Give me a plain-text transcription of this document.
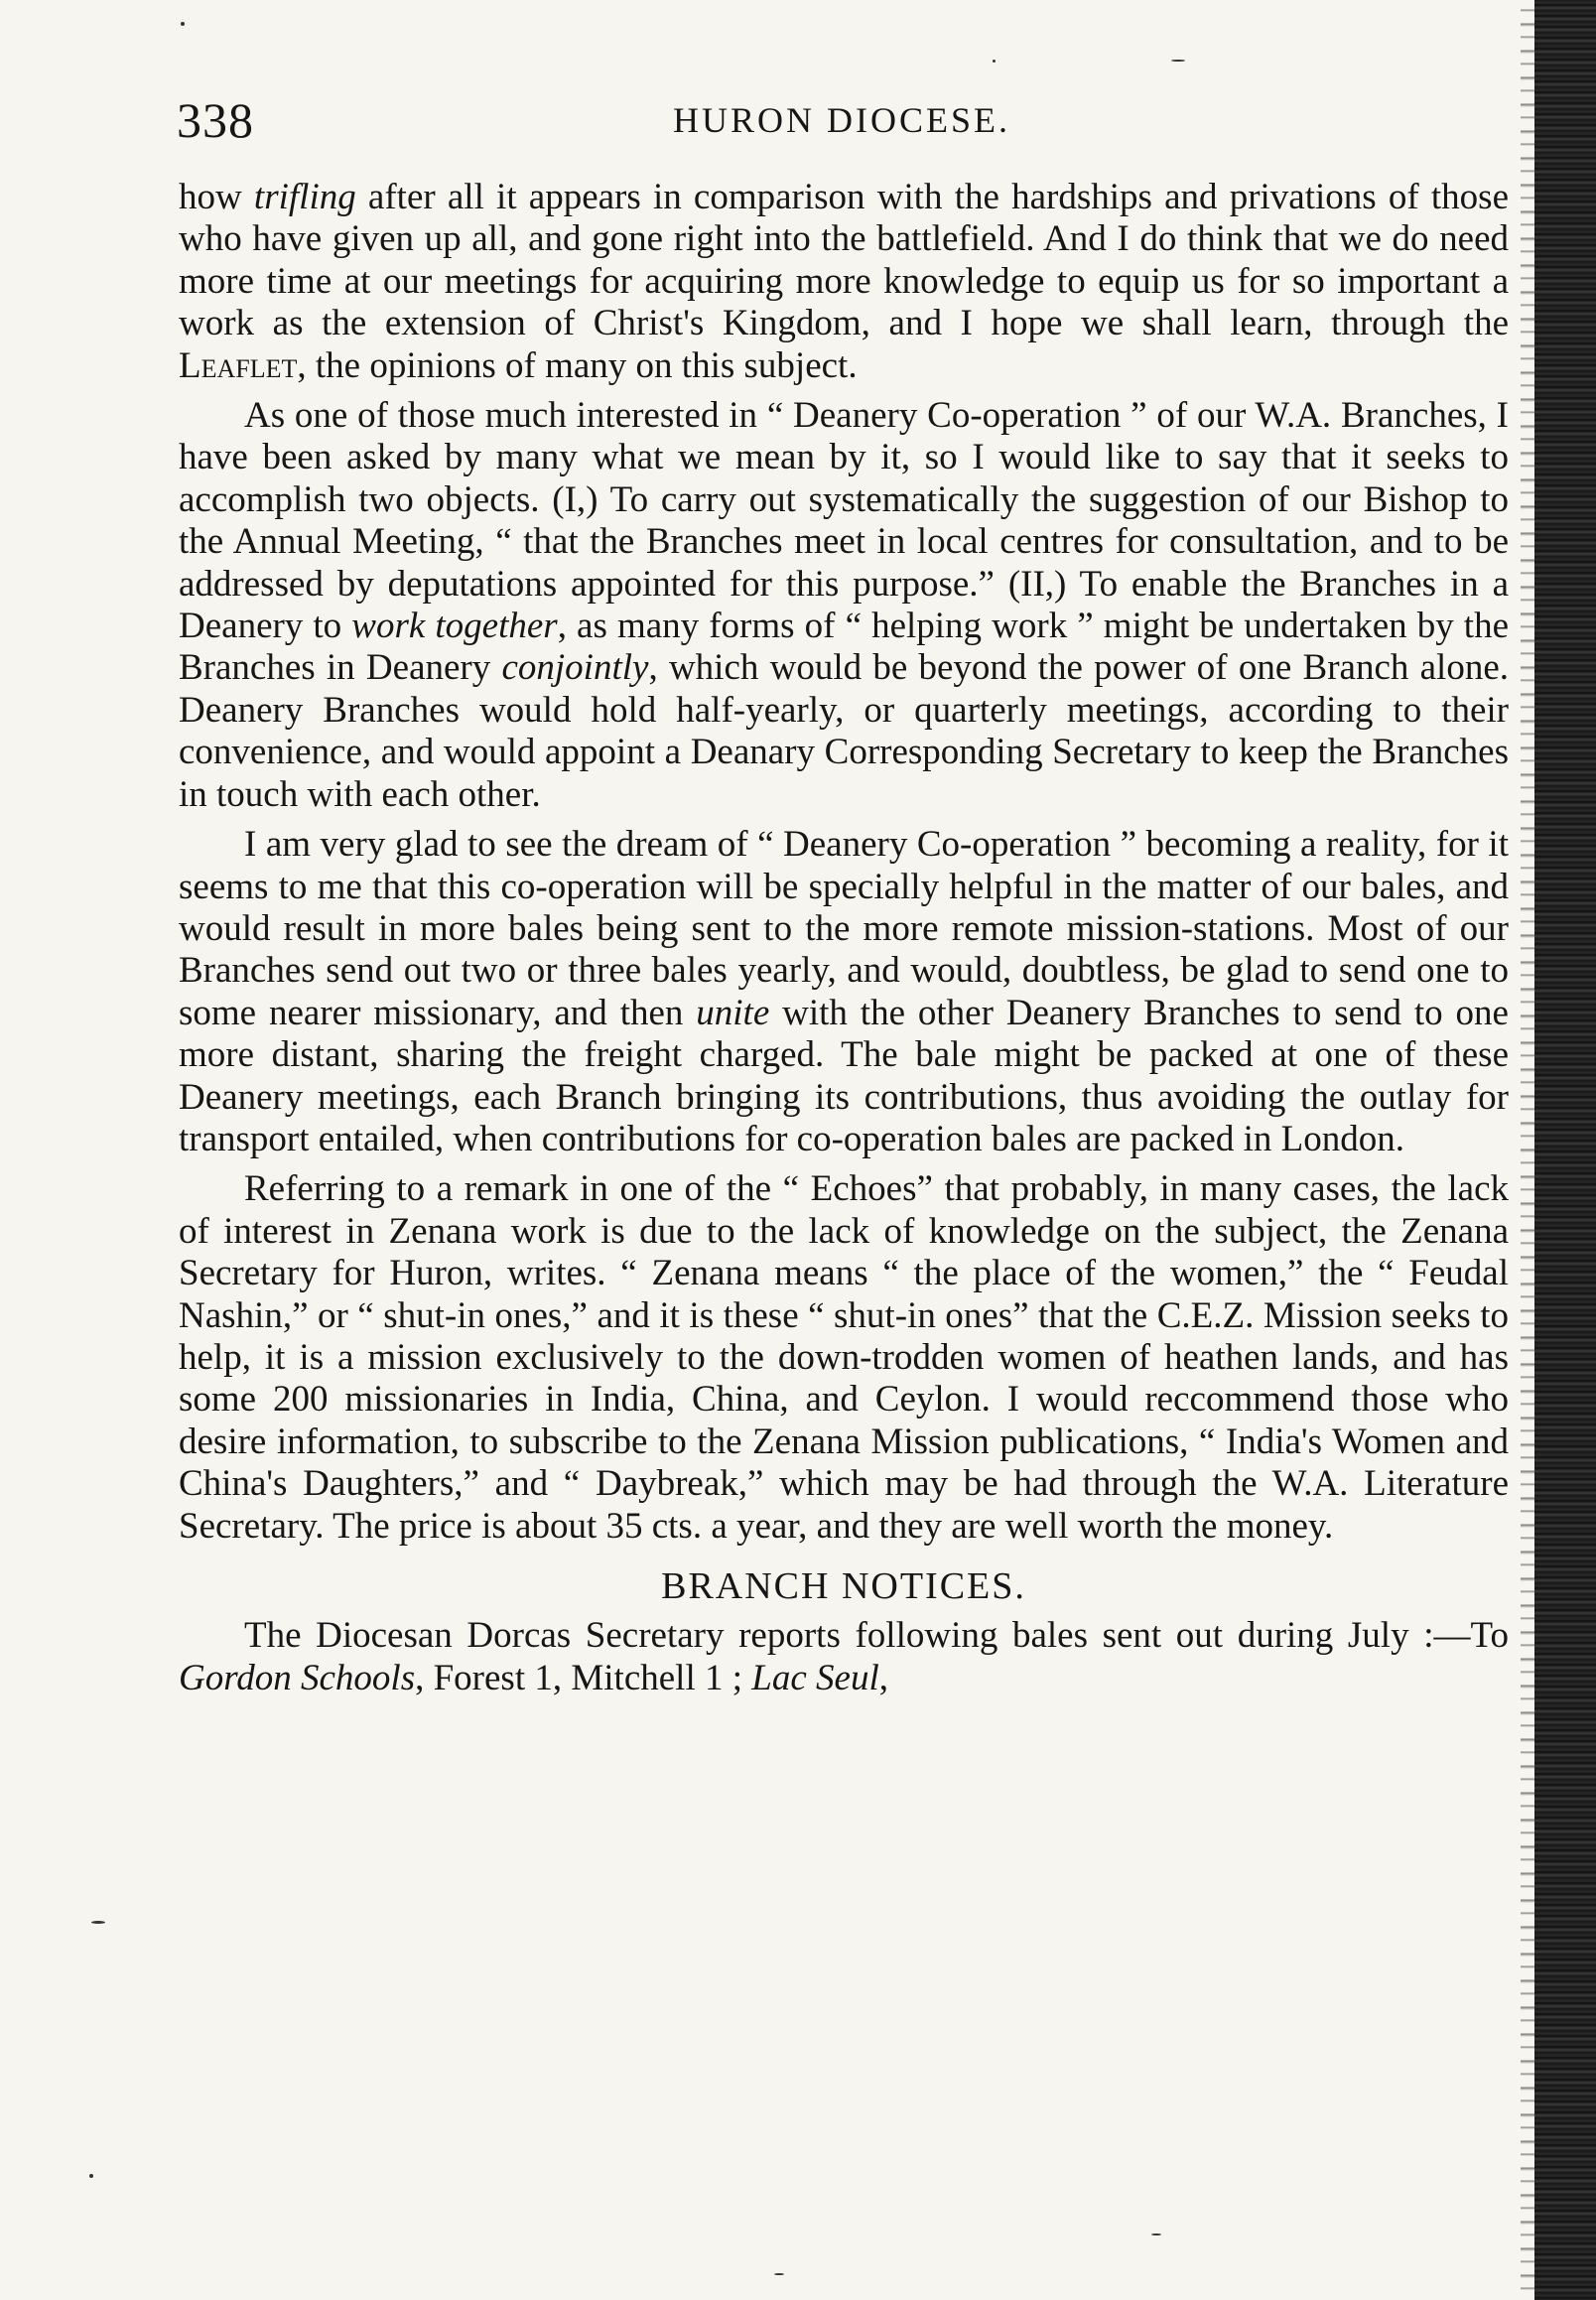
338	HURON DIOCESE.

how trifling after all it appears in comparison with the hardships and privations of those who have given up all, and gone right into the battlefield. And I do think that we do need more time at our meetings for acquiring more knowledge to equip us for so important a work as the extension of Christ's Kingdom, and I hope we shall learn, through the Leaflet, the opinions of many on this subject.

As one of those much interested in “ Deanery Co-operation ” of our W.A. Branches, I have been asked by many what we mean by it, so I would like to say that it seeks to accomplish two objects. (I,) To carry out systematically the suggestion of our Bishop to the Annual Meeting, “ that the Branches meet in local centres for consultation, and to be addressed by deputations appointed for this purpose.” (II,) To enable the Branches in a Deanery to work together, as many forms of “ helping work ” might be undertaken by the Branches in Deanery conjointly, which would be beyond the power of one Branch alone. Deanery Branches would hold half-yearly, or quarterly meetings, according to their convenience, and would appoint a Deanary Corresponding Secretary to keep the Branches in touch with each other.

I am very glad to see the dream of “ Deanery Co-operation ” becoming a reality, for it seems to me that this co-operation will be specially helpful in the matter of our bales, and would result in more bales being sent to the more remote mission-stations. Most of our Branches send out two or three bales yearly, and would, doubtless, be glad to send one to some nearer missionary, and then unite with the other Deanery Branches to send to one more distant, sharing the freight charged. The bale might be packed at one of these Deanery meetings, each Branch bringing its contributions, thus avoiding the outlay for transport entailed, when contributions for co-operation bales are packed in London.

Referring to a remark in one of the “ Echoes” that probably, in many cases, the lack of interest in Zenana work is due to the lack of knowledge on the subject, the Zenana Secretary for Huron, writes. “ Zenana means “ the place of the women,” the “ Feudal Nashin,” or “ shut-in ones,” and it is these “ shut-in ones” that the C.E.Z. Mission seeks to help, it is a mission exclusively to the down-trodden women of heathen lands, and has some 200 missionaries in India, China, and Ceylon. I would reccommend those who desire information, to subscribe to the Zenana Mission publications, “ India's Women and China's Daughters,” and “ Daybreak,” which may be had through the W.A. Literature Secretary. The price is about 35 cts. a year, and they are well worth the money.

BRANCH NOTICES.

The Diocesan Dorcas Secretary reports following bales sent out during July :—To Gordon Schools, Forest 1, Mitchell 1 ; Lac Seul,
